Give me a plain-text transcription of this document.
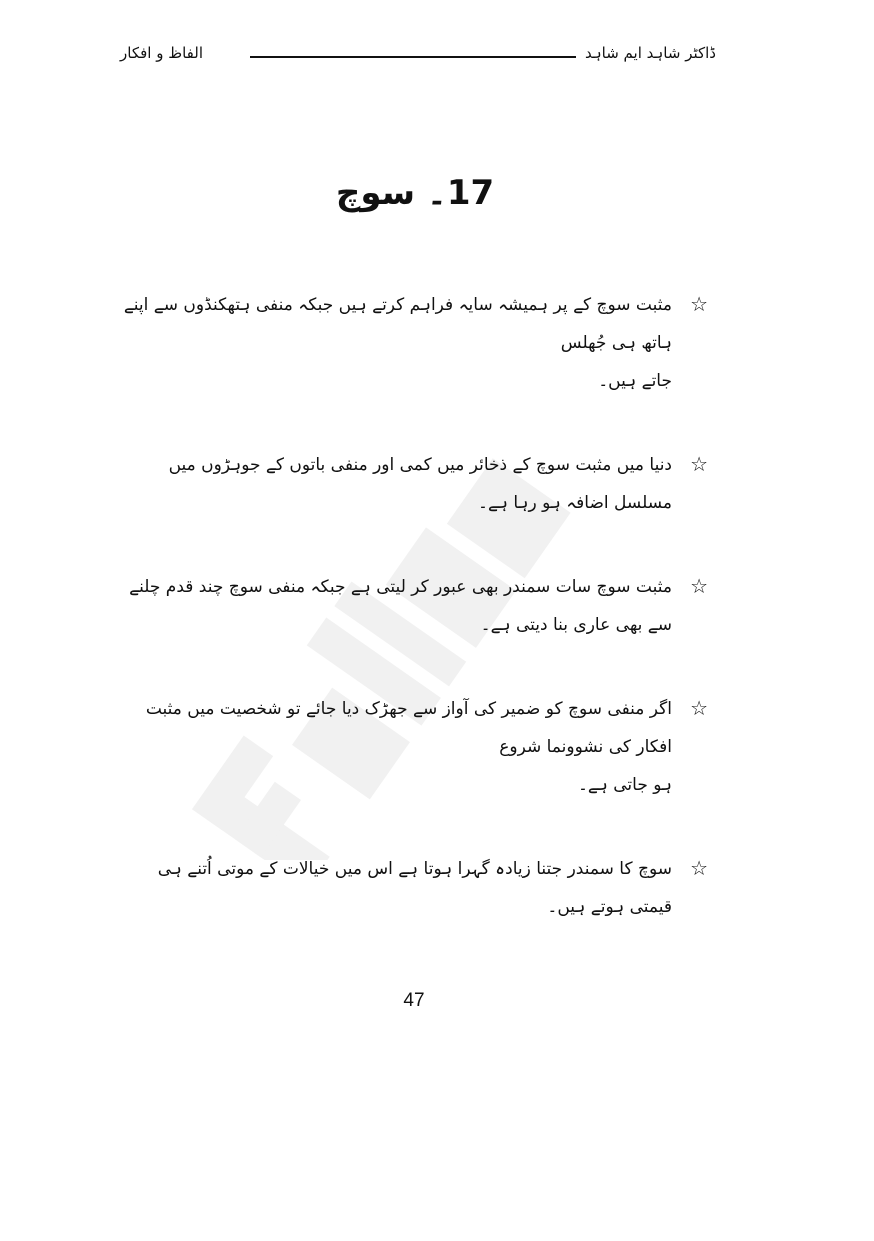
ڈاکٹر شاہد ایم شاہد
الفاظ و افکار
17۔ سوچ
☆
مثبت سوچ کے پر ہمیشہ سایہ فراہم کرتے ہیں جبکہ منفی ہتھکنڈوں سے اپنے ہاتھ ہی جُھلس
جاتے ہیں۔
☆
دنیا میں مثبت سوچ کے ذخائر میں کمی اور منفی باتوں کے جوہڑوں میں مسلسل اضافہ ہو رہا ہے۔
☆
مثبت سوچ سات سمندر بھی عبور کر لیتی ہے جبکہ منفی سوچ چند قدم چلنے سے بھی عاری بنا دیتی ہے۔
☆
اگر منفی سوچ کو ضمیر کی آواز سے جھڑک دیا جائے تو شخصیت میں مثبت افکار کی نشوونما شروع
ہو جاتی ہے۔
☆
سوچ کا سمندر جتنا زیادہ گہرا ہوتا ہے اس میں خیالات کے موتی اُتنے ہی قیمتی ہوتے ہیں۔
47
